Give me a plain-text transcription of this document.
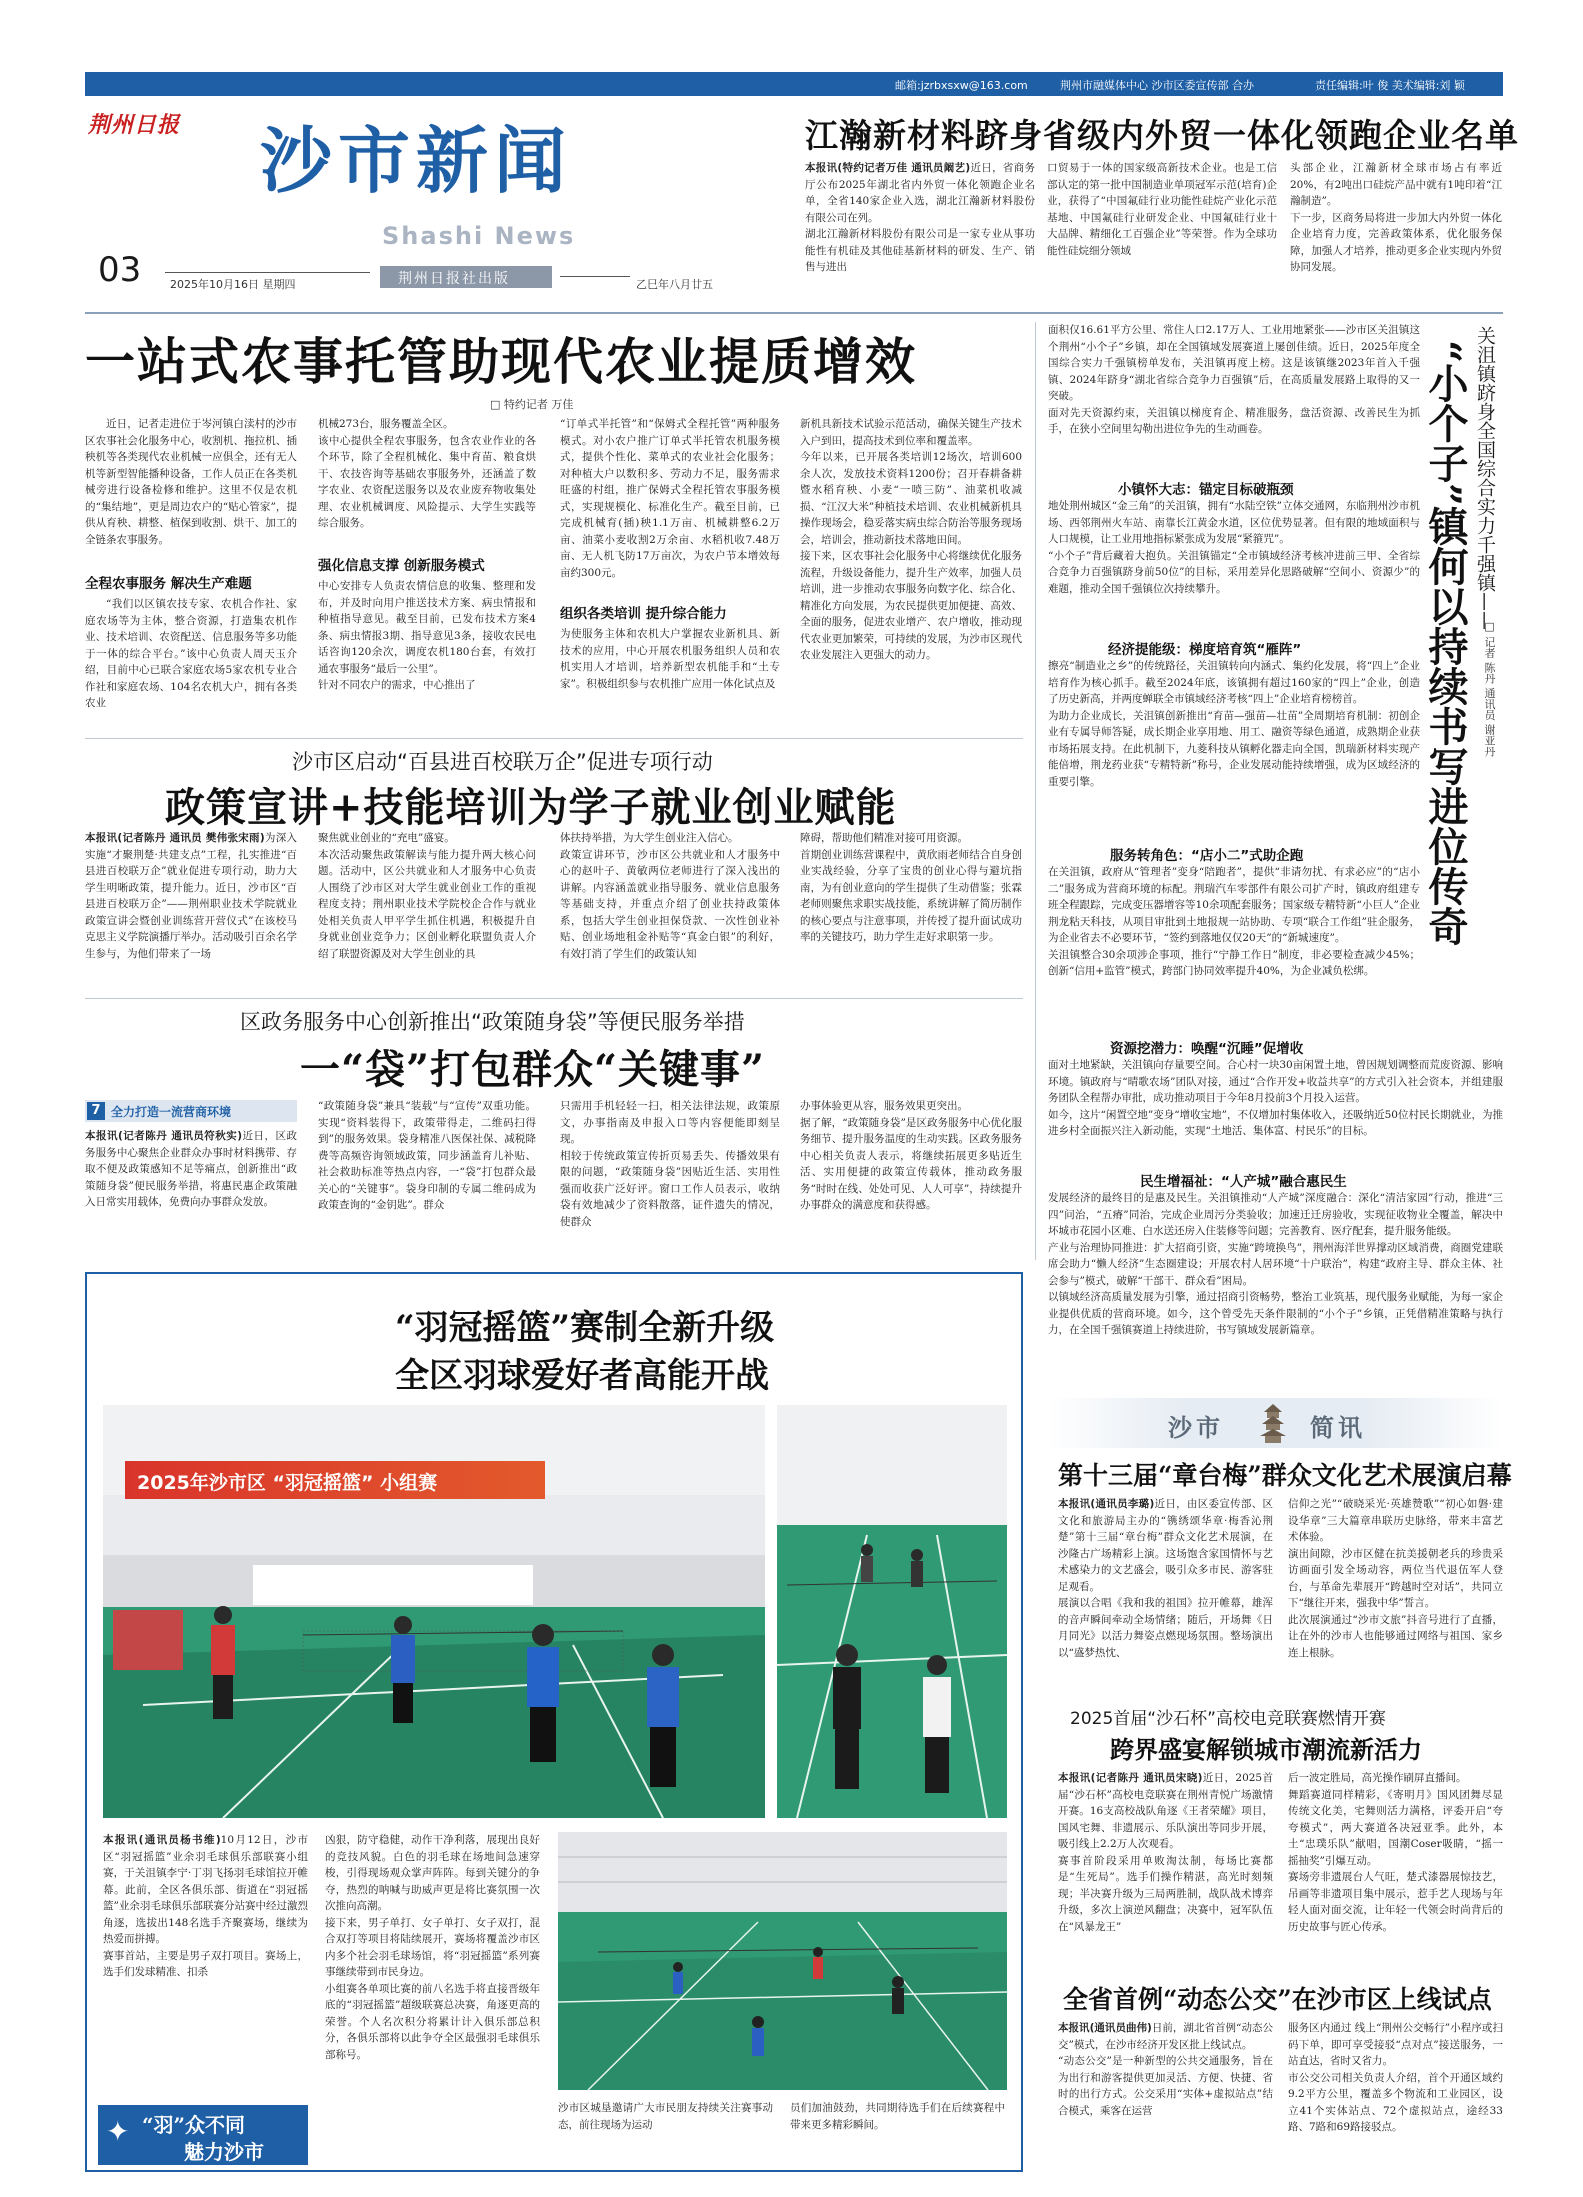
邮箱:jzrbxsxw@163.com	荆州市融媒体中心 沙市区委宣传部 合办	责任编辑:叶 俊 美术编辑:刘 颖
荆州日报 沙市新闻
Shashi News
03	2025年10月16日 星期四	荆州日报社出版	乙巳年八月廿五
江瀚新材料跻身省级内外贸一体化领跑企业名单
本报讯(特约记者万佳 通讯员阚艺)近日，省商务厅公布2025年湖北省内外贸一体化领跑企业名单，全省140家企业入选，湖北江瀚新材料股份有限公司在列。
湖北江瀚新材料股份有限公司是一家专业从事功能性有机硅及其他硅基新材料的研发、生产、销售与进出
口贸易于一体的国家级高新技术企业。也是工信部认定的第一批中国制造业单项冠军示范(培育)企业，获得了“中国氟硅行业功能性硅烷产业化示范基地、中国氟硅行业研发企业、中国氟硅行业十大品牌、精细化工百强企业”等荣誉。作为全球功能性硅烷细分领域
头部企业，江瀚新材全球市场占有率近20%，有2吨出口硅烷产品中就有1吨印着“江瀚制造”。
下一步，区商务局将进一步加大内外贸一体化企业培育力度，完善政策体系，优化服务保障，加强人才培养，推动更多企业实现内外贸协同发展。
一站式农事托管助现代农业提质增效
□ 特约记者 万佳
近日，记者走进位于岑河镇白渎村的沙市区农事社会化服务中心，收割机、拖拉机、插秧机等各类现代农业机械一应俱全，还有无人机等新型智能播种设备，工作人员正在各类机械旁进行设备检修和维护。这里不仅是农机的“集结地”，更是周边农户的“贴心管家”，提供从育秧、耕整、植保到收割、烘干、加工的全链条农事服务。
全程农事服务 解决生产难题
“我们以区镇农技专家、农机合作社、家庭农场等为主体，整合资源，打造集农机作业、技术培训、农资配送、信息服务等多功能于一体的综合平台。”该中心负责人周天玉介绍，目前中心已联合家庭农场5家农机专业合作社和家庭农场、104名农机大户，拥有各类农业
机械273台，服务覆盖全区。
该中心提供全程农事服务，包含农业作业的各个环节，除了全程机械化、集中育苗、粮食烘干、农技咨询等基础农事服务外，还涵盖了数字农业、农资配送服务以及农业废弃物收集处理、农业机械调度、风险提示、大学生实践等综合服务。
强化信息支撑 创新服务模式
中心安排专人负责农情信息的收集、整理和发布，并及时向用户推送技术方案、病虫情报和种植指导意见。截至目前，已发布技术方案4条、病虫情报3期、指导意见3条，接收农民电话咨询120余次，调度农机180台套，有效打通农事服务“最后一公里”。
针对不同农户的需求，中心推出了
“订单式半托管”和“保姆式全程托管”两种服务模式。对小农户推广订单式半托管农机服务模式，提供个性化、菜单式的农业社会化服务；对种植大户以数积多、劳动力不足，服务需求旺盛的村组，推广保姆式全程托管农事服务模式，实现规模化、标准化生产。截至目前，已完成机械育(插)秧1.1万亩、机械耕整6.2万亩、油菜小麦收割2万余亩、水稻机收7.48万亩、无人机飞防17万亩次，为农户节本增效每亩约300元。
组织各类培训 提升综合能力
为使服务主体和农机大户掌握农业新机具、新技术的应用，中心开展农机服务组织人员和农机实用人才培训，培养新型农机能手和“土专家”。积极组织参与农机推广应用一体化试点及
新机具新技术试验示范活动，确保关键生产技术入户到田，提高技术到位率和覆盖率。
今年以来，已开展各类培训12场次，培训600余人次，发放技术资料1200份；召开春耕备耕暨水稻育秧、小麦“一喷三防”、油菜机收减损、“江汉大米”种植技术培训、农业机械新机具操作现场会，稳妥落实病虫综合防治等服务现场会，培训会，推动新技术落地田间。
接下来，区农事社会化服务中心将继续优化服务流程，升级设备能力，提升生产效率，加强人员培训，进一步推动农事服务向数字化、综合化、精准化方向发展，为农民提供更加便捷、高效、全面的服务，促进农业增产、农户增收，推动现代农业更加繁荣，可持续的发展，为沙市区现代农业发展注入更强大的动力。
沙市区启动“百县进百校联万企”促进专项行动
政策宣讲+技能培训为学子就业创业赋能
本报讯(记者陈丹 通讯员 樊伟张宋雨)为深入实施“才聚荆楚·共建支点”工程，扎实推进“百县进百校联万企”就业促进专项行动，助力大学生明晰政策，提升能力。近日，沙市区“百县进百校联万企”——荆州职业技术学院就业政策宣讲会暨创业训练营开营仪式”在该校马克思主义学院演播厅举办。活动吸引百余名学生参与，为他们带来了一场
聚焦就业创业的“充电”盛宴。
本次活动聚焦政策解读与能力提升两大核心问题。活动中，区公共就业和人才服务中心负责人围绕了沙市区对大学生就业创业工作的重视程度支持；荆州职业技术学院校企合作与就业处相关负责人甲平学生抓住机遇，积极提升自身就业创业竞争力；区创业孵化联盟负责人介绍了联盟资源及对大学生创业的具
体扶持举措，为大学生创业注入信心。
政策宣讲环节，沙市区公共就业和人才服务中心的赵叶子、黄敏两位老师进行了深入浅出的讲解。内容涵盖就业指导服务、就业信息服务等基础支持，并重点介绍了创业扶持政策体系，包括大学生创业担保贷款、一次性创业补贴、创业场地租金补贴等“真金白银”的利好，有效打消了学生们的政策认知
障碍，帮助他们精准对接可用资源。
首期创业训练营课程中，黄欣雨老师结合自身创业实战经验，分享了宝贵的创业心得与避坑指南，为有创业意向的学生提供了生动借鉴；张霖老师则聚焦求职实战技能，系统讲解了简历制作的核心要点与注意事项，并传授了提升面试成功率的关键技巧，助力学生走好求职第一步。
区政务服务中心创新推出“政策随身袋”等便民服务举措
一“袋”打包群众“关键事”
7 全力打造一流营商环境
本报讯(记者陈丹 通讯员符秋实)近日，区政务服务中心聚焦企业群众办事时材料携带、存取不便及政策感知不足等痛点，创新推出“政策随身袋”便民服务举措，将惠民惠企政策融入日常实用载体，免费向办事群众发放。
“政策随身袋”兼具“装载”与“宣传”双重功能。实现“资料装得下，政策带得走，二维码扫得到”的服务效果。袋身精准八医保社保、减税降费等高频咨询领域政策，同步涵盖育儿补贴、社会救助标准等热点内容，一“袋”打包群众最关心的“关键事”。袋身印制的专属二维码成为政策查询的“金钥匙”。群众
只需用手机轻轻一扫，相关法律法规，政策原文，办事指南及申报入口等内容便能即刻呈现。
相较于传统政策宣传折页易丢失、传播效果有限的问题，“政策随身袋”因贴近生活、实用性强而收获广泛好评。窗口工作人员表示，收纳袋有效地减少了资料散落，证件遗失的情况，使群众
办事体验更从容，服务效果更突出。
据了解，“政策随身袋”是区政务服务中心优化服务细节、提升服务温度的生动实践。区政务服务中心相关负责人表示，将继续拓展更多贴近生活、实用便捷的政策宣传载体，推动政务服务“时时在线、处处可见、人人可享”，持续提升办事群众的满意度和获得感。
“羽冠摇篮”赛制全新升级
全区羽球爱好者高能开战
2025年沙市区 “羽冠摇篮” 小组赛
本报讯(通讯员杨书维)10月12日，沙市区“羽冠摇篮”业余羽毛球俱乐部联赛小组赛，于关沮镇李宁·丁羽飞扬羽毛球馆拉开帷幕。此前，全区各俱乐部、街道在“羽冠摇篮”业余羽毛球俱乐部联赛分站赛中经过激烈角逐，选拔出148名选手齐聚赛场，继续为热爱而拼搏。
赛事首站，主要是男子双打项目。赛场上，选手们发球精准、扣杀
✦ “羽”众不同
魅力沙市
凶狠，防守稳健，动作干净利落，展现出良好的竞技风貌。白色的羽毛球在场地间急速穿梭，引得现场观众掌声阵阵。每到关键分的争夺，热烈的呐喊与助威声更是将比赛氛围一次次推向高潮。
接下来，男子单打、女子单打、女子双打，混合双打等项目将陆续展开，赛场将覆盖沙市区内多个社会羽毛球场馆，将“羽冠摇篮”系列赛事继续带到市民身边。
小组赛各单项比赛的前八名选手将直接晋级年底的“羽冠摇篮”超级联赛总决赛，角逐更高的荣誉。个人名次积分将累计计入俱乐部总积分，各俱乐部将以此争夺全区最强羽毛球俱乐部称号。
沙市区城垦邀请广大市民朋友持续关注赛事动态，前往现场为运动
员们加油鼓劲，共同期待选手们在后续赛程中带来更多精彩瞬间。
面积仅16.61平方公里、常住人口2.17万人、工业用地紧张——沙市区关沮镇这个荆州“小个子”乡镇，却在全国镇域发展赛道上屡创佳绩。近日，2025年度全国综合实力千强镇榜单发布，关沮镇再度上榜。这是该镇继2023年首入千强镇、2024年跻身“湖北省综合竞争力百强镇”后，在高质量发展路上取得的又一突破。
面对先天资源约束，关沮镇以梯度育企、精准服务，盘活资源、改善民生为抓手，在狭小空间里勾勒出进位争先的生动画卷。	关沮镇跻身全国综合实力千强镇——
“小个子”镇何以持续书写进位传奇	□ 记者 陈丹 通讯员 谢亚丹
小镇怀大志：锚定目标破瓶颈
地处荆州城区“金三角”的关沮镇，拥有“水陆空铁”立体交通网，东临荆州沙市机场、西邻荆州火车站、南靠长江黄金水道，区位优势显著。但有限的地域面积与人口规模，让工业用地指标紧张成为发展“紧箍咒”。
“小个子”背后藏着大抱负。关沮镇锚定“全市镇域经济考核冲进前三甲、全省综合竞争力百强镇跻身前50位”的目标，采用差异化思路破解“空间小、资源少”的难题，推动全国千强镇位次持续攀升。
经济提能级：梯度培育筑“雁阵”
擦亮“制造业之乡”的传统路径，关沮镇转向内涵式、集约化发展，将“四上”企业培育作为核心抓手。截至2024年底，该镇拥有超过160家的“四上”企业，创造了历史新高，并两度蝉联全市镇域经济考核“四上”企业培育榜榜首。
为助力企业成长，关沮镇创新推出“育苗—强苗—壮苗”全周期培育机制：初创企业有专属导师答疑，成长期企业享用地、用工、融资等绿色通道，成熟期企业获市场拓展支持。在此机制下，九菱科技从镇孵化器走向全国，凯瑞新材料实现产能倍增，荆龙药业获“专精特新”称号，企业发展动能持续增强，成为区域经济的重要引擎。
服务转角色：“店小二”式助企跑
在关沮镇，政府从“管理者”变身“陪跑者”，提供“非请勿扰、有求必应”的“店小二”服务成为营商环境的标配。荆瑞汽车零部件有限公司扩产时，镇政府组建专班全程跟踪，完成变压器增容等10余项配套服务；国家级专精特新“小巨人”企业荆龙粘天科技，从项目审批到土地报规一站协助、专项“联合工作组”驻企服务，为企业省去不必要环节，“签约到落地仅仅20天”的“新城速度”。
关沮镇整合30余项涉企事项，推行“宁静工作日”制度，非必要检查减少45%；创新“信用+监管”模式，跨部门协同效率提升40%，为企业减负松绑。
资源挖潜力：唤醒“沉睡”促增收
面对土地紧缺，关沮镇向存量要空间。合心村一块30亩闲置土地，曾因规划调整而荒废资源、影响环境。镇政府与“晴歌农场”团队对接，通过“合作开发+收益共享”的方式引入社会资本，并组建服务团队全程帮办审批，成功推动项目于今年8月投前3个月投入运营。
如今，这片“闲置空地”变身“增收宝地”，不仅增加村集体收入，还吸纳近50位村民长期就业，为推进乡村全面振兴注入新动能，实现“土地活、集体富、村民乐”的目标。
民生增福祉：“人产城”融合惠民生
发展经济的最终目的是惠及民生。关沮镇推动“人产城”深度融合：深化“清洁家园”行动，推进“三四”问治，“五瘠”同治，完成企业周污分类验收；加速迁迁房验收，实现征收物业全覆盖，解决中坏城市花园小区难、白水送还房入住装修等问题；完善教育、医疗配套，提升服务能级。
产业与治理协同推进：扩大招商引资，实施“跨境换鸟”，荆州海洋世界撑动区域消费，商圈党建联席会助力“懒人经济”生态圈建设；开展农村人居环境“十户联治”，构建“政府主导、群众主体、社会参与”模式，破解“干部干、群众看”困局。
以镇域经济高质量发展为引擎，通过招商引资畅势，整治工业筑基，现代服务业赋能，为每一家企业提供优质的营商环境。如今，这个曾受先天条件限制的“小个子”乡镇，正凭借精准策略与执行力，在全国千强镇赛道上持续进阶，书写镇域发展新篇章。
沙市	简讯
第十三届“章台梅”群众文化艺术展演启幕
本报讯(通讯员李璐)近日，由区委宣传部、区文化和旅游局主办的“镌绣颂华章·梅香沁荆楚”第十三届“章台梅”群众文化艺术展演，在沙隆古广场精彩上演。这场饱含家国情怀与艺术感染力的文艺盛会，吸引众多市民、游客驻足观看。
展演以合唱《我和我的祖国》拉开帷幕，雄浑的音声瞬间牵动全场情绪；随后，开场舞《日月同光》以活力舞姿点燃现场氛围。整场演出以“盛梦热忱、
信仰之光”“破晓采光·英雄赞歌”“初心如磐·建设华章”三大篇章串联历史脉络，带来丰富艺术体验。
演出间隙，沙市区健在抗美援朝老兵的珍贵采访画面引发全场动容，两位当代退伍军人登台，与革命先辈展开“跨越时空对话”，共同立下“继往开来，强我中华”誓言。
此次展演通过“沙市文旅”抖音号进行了直播，让在外的沙市人也能够通过网络与祖国、家乡连上根脉。
2025首届“沙石杯”高校电竞联赛燃情开赛
跨界盛宴解锁城市潮流新活力
本报讯(记者陈丹 通讯员宋晓)近日，2025首届“沙石杯”高校电竞联赛在荆州青悦广场激情开赛。16支高校战队角逐《王者荣耀》项目，国风宅舞、非遗展示、乐队演出等同步开展，吸引线上2.2万人次观看。
赛事首阶段采用单败淘汰制，每场比赛都是“生死局”。选手们操作精湛，高光时刻频现；半决赛升级为三局两胜制，战队战术博弈升级，多次上演逆风翻盘；决赛中，冠军队伍在“风暴龙王”
后一波定胜局，高光操作刷屏直播间。
舞蹈赛道同样精彩，《寄明月》国风团舞尽显传统文化美，宅舞则活力满格，评委开启“夸夸模式”，两大赛道各决冠亚季。此外，本土“忠璞乐队”献唱，国潮Coser吸睛，“摇一摇抽奖”引爆互动。
赛场旁非遗展台人气旺，楚式漆器展惊技艺，吊画等非遗项目集中展示，惹手艺人现场与年轻人面对面交流，让年轻一代领会时尚背后的历史故事与匠心传承。
全省首例“动态公交”在沙市区上线试点
本报讯(通讯员曲伟)日前，湖北省首例“动态公交”模式，在沙市经济开发区批上线试点。
“动态公交”是一种新型的公共交通服务，旨在为出行和游客提供更加灵活、方便、快捷、省时的出行方式。公交采用“实体+虚拟站点”结合模式，乘客在运营
服务区内通过 线上“荆州公交畅行”小程序或扫码下单，即可享受接驳“点对点”接送服务，一站直达，省时又省力。
市公交公司相关负责人介绍，首个开通区域约9.2平方公里，覆盖多个物流和工业园区，设立41个实体站点、72个虚拟站点，途经33路、7路和69路接驳点。
